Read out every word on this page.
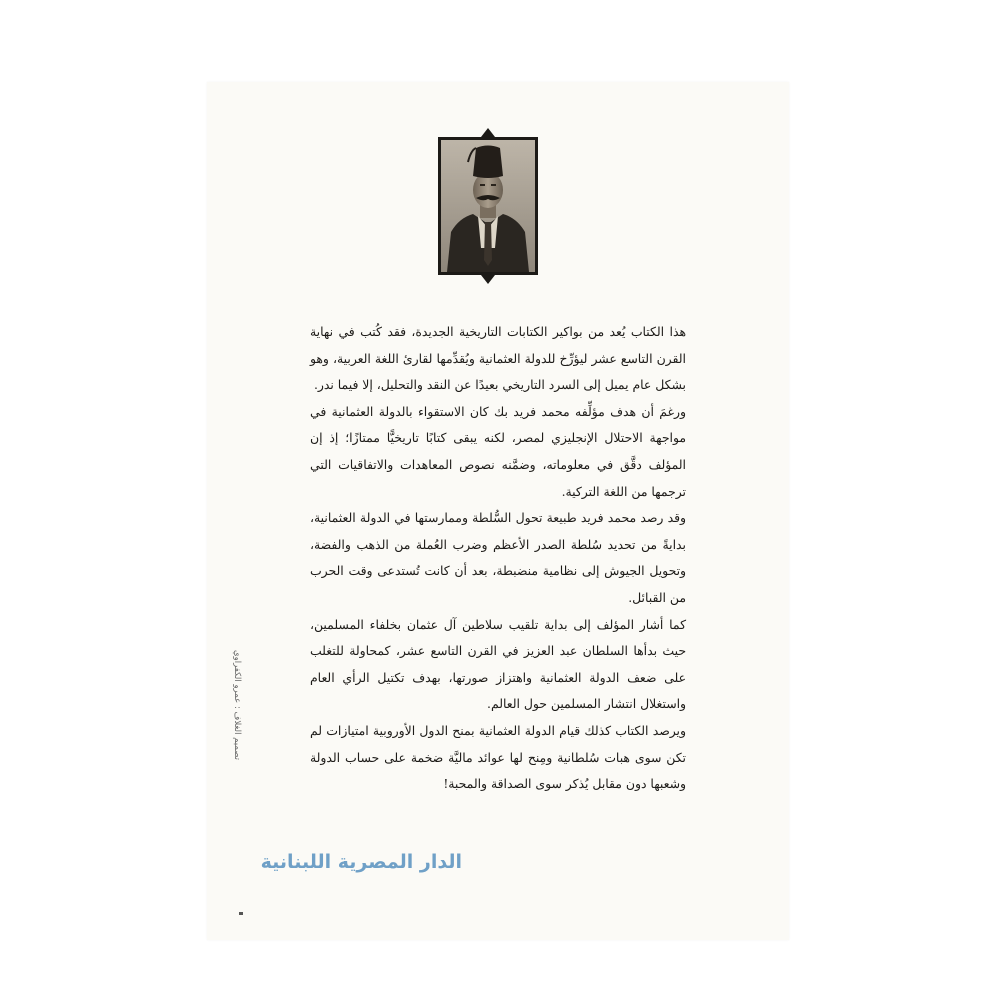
هذا الكتاب يُعد من بواكير الكتابات التاريخية الجديدة، فقد كُتب في نهاية القرن التاسع عشر ليؤرِّخ للدولة العثمانية ويُقدِّمها لقارئ اللغة العربية، وهو بشكل عام يميل إلى السرد التاريخي بعيدًا عن النقد والتحليل، إلا فيما ندر.

ورغمَ أن هدف مؤلِّفه محمد فريد بك كان الاستقواء بالدولة العثمانية في مواجهة الاحتلال الإنجليزي لمصر، لكنه يبقى كتابًا تاريخيًّا ممتازًا؛ إذ إن المؤلف دقَّق في معلوماته، وضمَّنه نصوص المعاهدات والاتفاقيات التي ترجمها من اللغة التركية.

وقد رصد محمد فريد طبيعة تحول السُّلطة وممارستها في الدولة العثمانية، بدايةً من تحديد سُلطة الصدر الأعظم وضرب العُملة من الذهب والفضة، وتحويل الجيوش إلى نظامية منضبطة، بعد أن كانت تُستدعى وقت الحرب من القبائل.

كما أشار المؤلف إلى بداية تلقيب سلاطين آل عثمان بخلفاء المسلمين، حيث بدأها السلطان عبد العزيز في القرن التاسع عشر، كمحاولة للتغلب على ضعف الدولة العثمانية واهتزاز صورتها، بهدف تكتيل الرأي العام واستغلال انتشار المسلمين حول العالم.

ويرصد الكتاب كذلك قيام الدولة العثمانية بمنح الدول الأوروبية امتيازات لم تكن سوى هبات سُلطانية ومِنح لها عوائد ماليَّة ضخمة على حساب الدولة وشعبها دون مقابل يُذكر سوى الصداقة والمحبة!

الدار المصرية اللبنانية
تصميم الغلاف : عمرو الكفراوي
